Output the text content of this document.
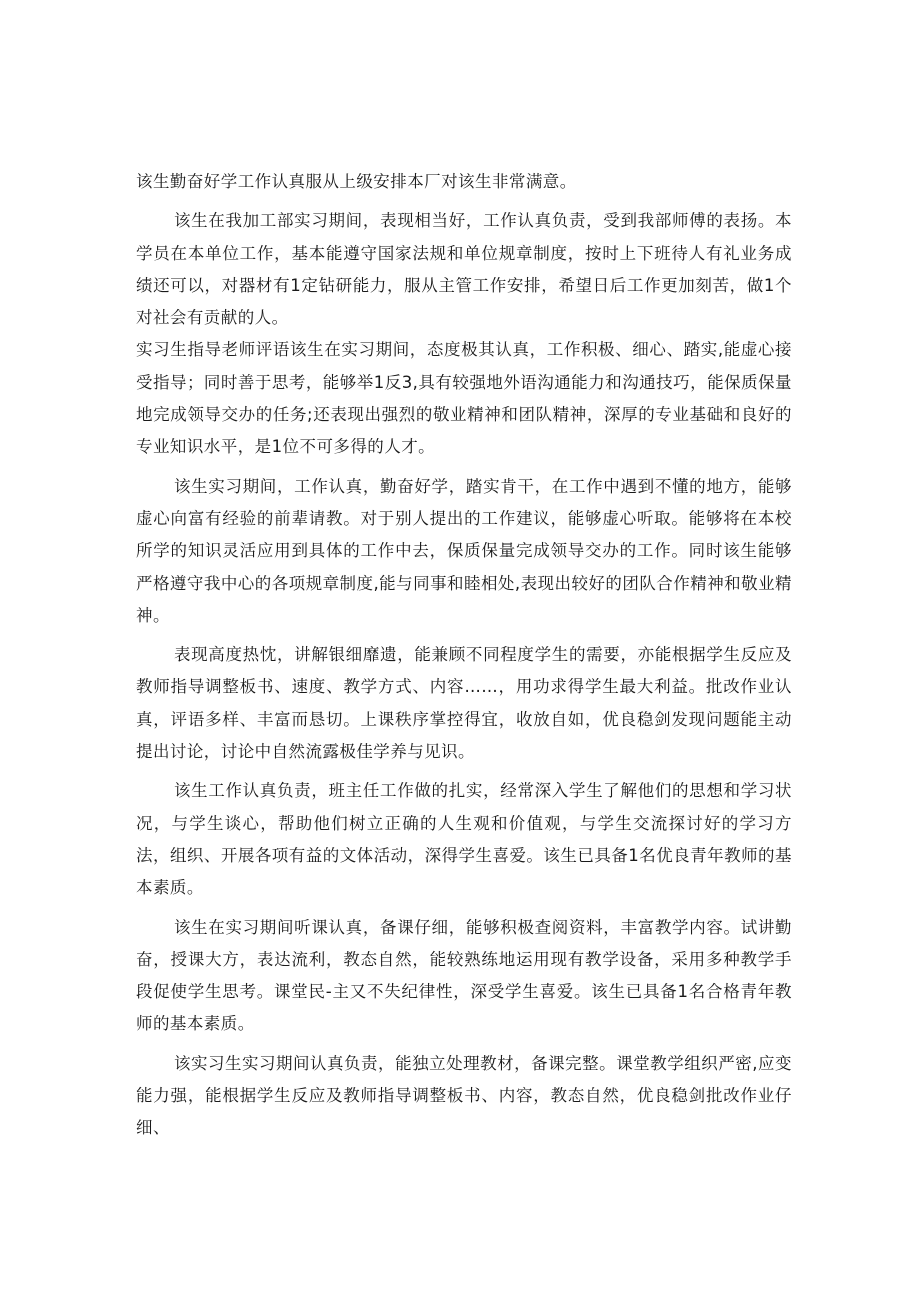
该生勤奋好学工作认真服从上级安排本厂对该生非常满意。

该生在我加工部实习期间，表现相当好，工作认真负责，受到我部师傅的表扬。本学员在本单位工作，基本能遵守国家法规和单位规章制度，按时上下班待人有礼业务成绩还可以，对器材有1定钻研能力，服从主管工作安排，希望日后工作更加刻苦，做1个对社会有贡献的人。

实习生指导老师评语该生在实习期间，态度极其认真，工作积极、细心、踏实,能虚心接受指导；同时善于思考，能够举1反3,具有较强地外语沟通能力和沟通技巧，能保质保量地完成领导交办的任务;还表现出强烈的敬业精神和团队精神，深厚的专业基础和良好的专业知识水平，是1位不可多得的人才。

该生实习期间，工作认真，勤奋好学，踏实肯干，在工作中遇到不懂的地方，能够虚心向富有经验的前辈请教。对于别人提出的工作建议，能够虚心听取。能够将在本校所学的知识灵活应用到具体的工作中去，保质保量完成领导交办的工作。同时该生能够严格遵守我中心的各项规章制度,能与同事和睦相处,表现出较好的团队合作精神和敬业精神。

表现高度热忱，讲解银细靡遗，能兼顾不同程度学生的需要，亦能根据学生反应及教师指导调整板书、速度、教学方式、内容……，用功求得学生最大利益。批改作业认真，评语多样、丰富而恳切。上课秩序掌控得宜，收放自如，优良稳剑发现问题能主动提出讨论，讨论中自然流露极佳学养与见识。

该生工作认真负责，班主任工作做的扎实，经常深入学生了解他们的思想和学习状况，与学生谈心，帮助他们树立正确的人生观和价值观，与学生交流探讨好的学习方法，组织、开展各项有益的文体活动，深得学生喜爱。该生已具备1名优良青年教师的基本素质。

该生在实习期间听课认真，备课仔细，能够积极查阅资料，丰富教学内容。试讲勤奋，授课大方，表达流利，教态自然，能较熟练地运用现有教学设备，采用多种教学手段促使学生思考。课堂民-主又不失纪律性，深受学生喜爱。该生已具备1名合格青年教师的基本素质。

该实习生实习期间认真负责，能独立处理教材，备课完整。课堂教学组织严密,应变能力强，能根据学生反应及教师指导调整板书、内容，教态自然，优良稳剑批改作业仔细、
